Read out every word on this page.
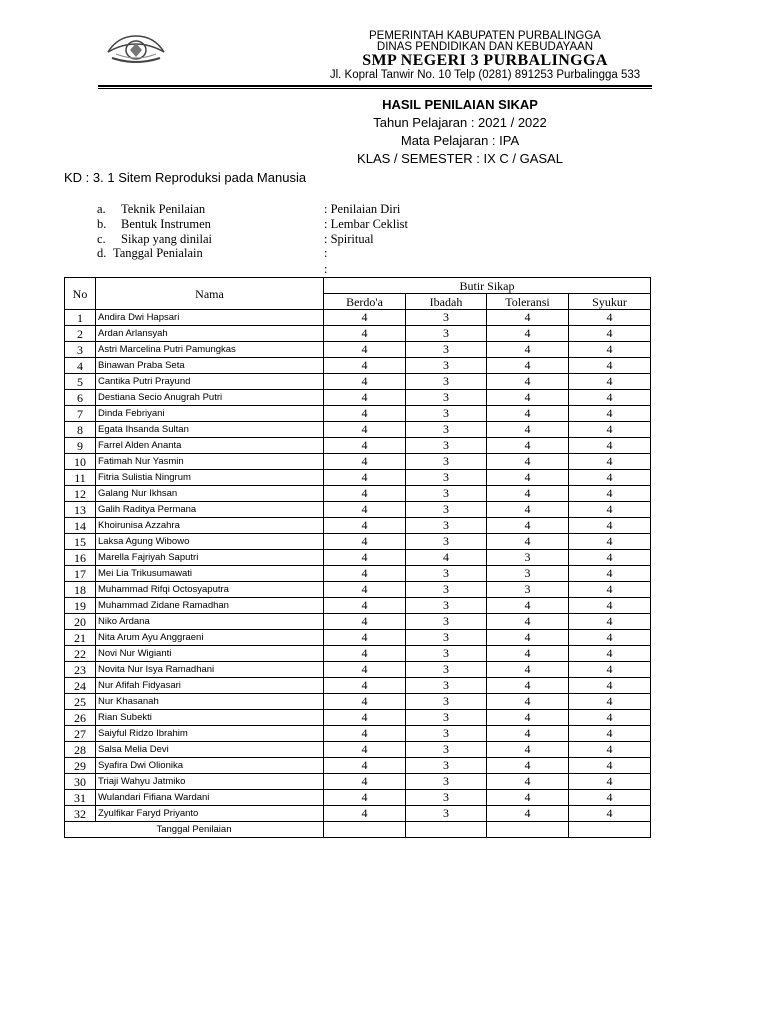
PEMERINTAH KABUPATEN PURBALINGGA
DINAS PENDIDIKAN DAN KEBUDAYAAN
SMP NEGERI 3 PURBALINGGA
Jl. Kopral Tanwir No. 10 Telp (0281) 891253 Purbalingga 533
HASIL PENILAIAN SIKAP
Tahun Pelajaran : 2021 / 2022
Mata Pelajaran : IPA
KLAS / SEMESTER : IX C / GASAL
KD : 3. 1 Sitem Reproduksi pada Manusia
a. Teknik Penilaian	: Penilaian Diri
b. Bentuk Instrumen	: Lembar Ceklist
c. Sikap yang dinilai	: Spiritual
d. Tanggal Penialain	:
:
No	Nama	Butir Sikap			
		Berdo'a	Ibadah	Toleransi	Syukur
1	Andira Dwi Hapsari	4	3	4	4
2	Ardan Arlansyah	4	3	4	4
3	Astri Marcelina Putri Pamungkas	4	3	4	4
4	Binawan Praba Seta	4	3	4	4
5	Cantika Putri Prayund	4	3	4	4
6	Destiana Secio Anugrah Putri	4	3	4	4
7	Dinda Febriyani	4	3	4	4
8	Egata Ihsanda Sultan	4	3	4	4
9	Farrel Alden Ananta	4	3	4	4
10	Fatimah Nur Yasmin	4	3	4	4
11	Fitria Sulistia Ningrum	4	3	4	4
12	Galang Nur Ikhsan	4	3	4	4
13	Galih Raditya Permana	4	3	4	4
14	Khoirunisa Azzahra	4	3	4	4
15	Laksa Agung Wibowo	4	3	4	4
16	Marella Fajriyah Saputri	4	4	3	4
17	Mei Lia Trikusumawati	4	3	3	4
18	Muhammad Rifqi Octosyaputra	4	3	3	4
19	Muhammad Zidane Ramadhan	4	3	4	4
20	Niko Ardana	4	3	4	4
21	Nita Arum Ayu Anggraeni	4	3	4	4
22	Novi Nur Wigianti	4	3	4	4
23	Novita Nur Isya Ramadhani	4	3	4	4
24	Nur Afifah Fidyasari	4	3	4	4
25	Nur Khasanah	4	3	4	4
26	Rian Subekti	4	3	4	4
27	Saiyful Ridzo Ibrahim	4	3	4	4
28	Salsa Melia Devi	4	3	4	4
29	Syafira Dwi Olionika	4	3	4	4
30	Triaji Wahyu Jatmiko	4	3	4	4
31	Wulandari Fifiana Wardani	4	3	4	4
32	Zyulfikar Faryd Priyanto	4	3	4	4
Tanggal Penilaian					
